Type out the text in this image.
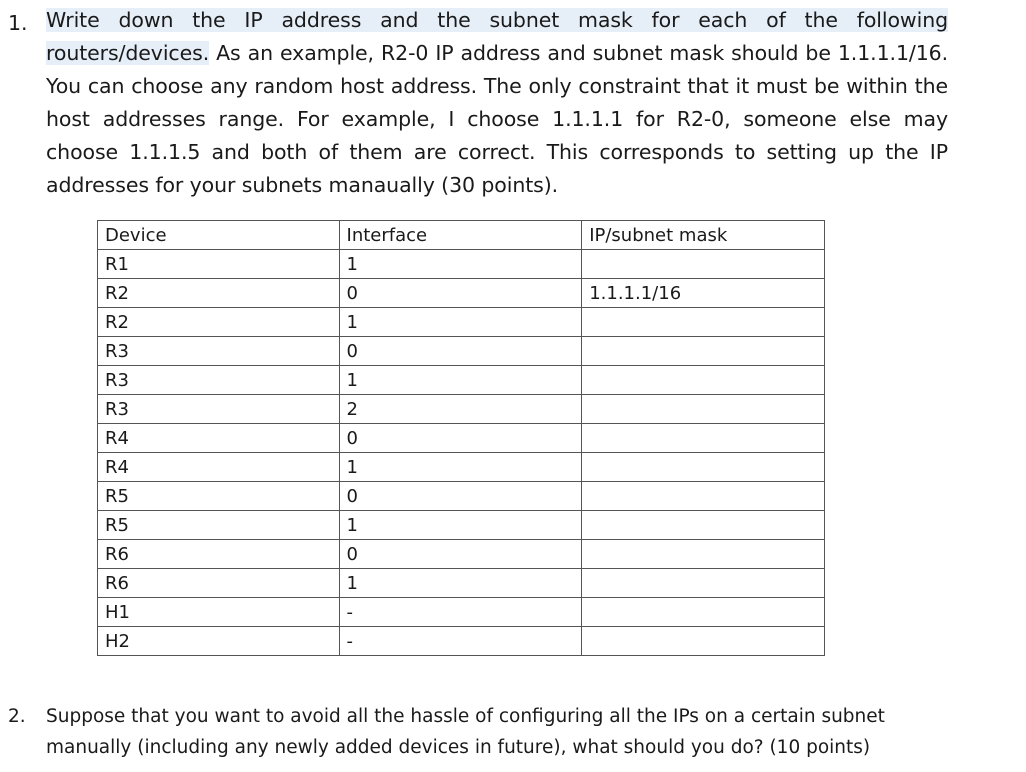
1. Write down the IP address and the subnet mask for each of the following routers/devices. As an example, R2-0 IP address and subnet mask should be 1.1.1.1/16. You can choose any random host address. The only constraint that it must be within the host addresses range. For example, I choose 1.1.1.1 for R2-0, someone else may choose 1.1.1.5 and both of them are correct. This corresponds to setting up the IP addresses for your subnets manaually (30 points).
Device	Interface	IP/subnet mask
R1	1	
R2	0	1.1.1.1/16
R2	1	
R3	0	
R3	1	
R3	2	
R4	0	
R4	1	
R5	0	
R5	1	
R6	0	
R6	1	
H1	-	
H2	-	
2. Suppose that you want to avoid all the hassle of configuring all the IPs on a certain subnet manually (including any newly added devices in future), what should you do? (10 points)
